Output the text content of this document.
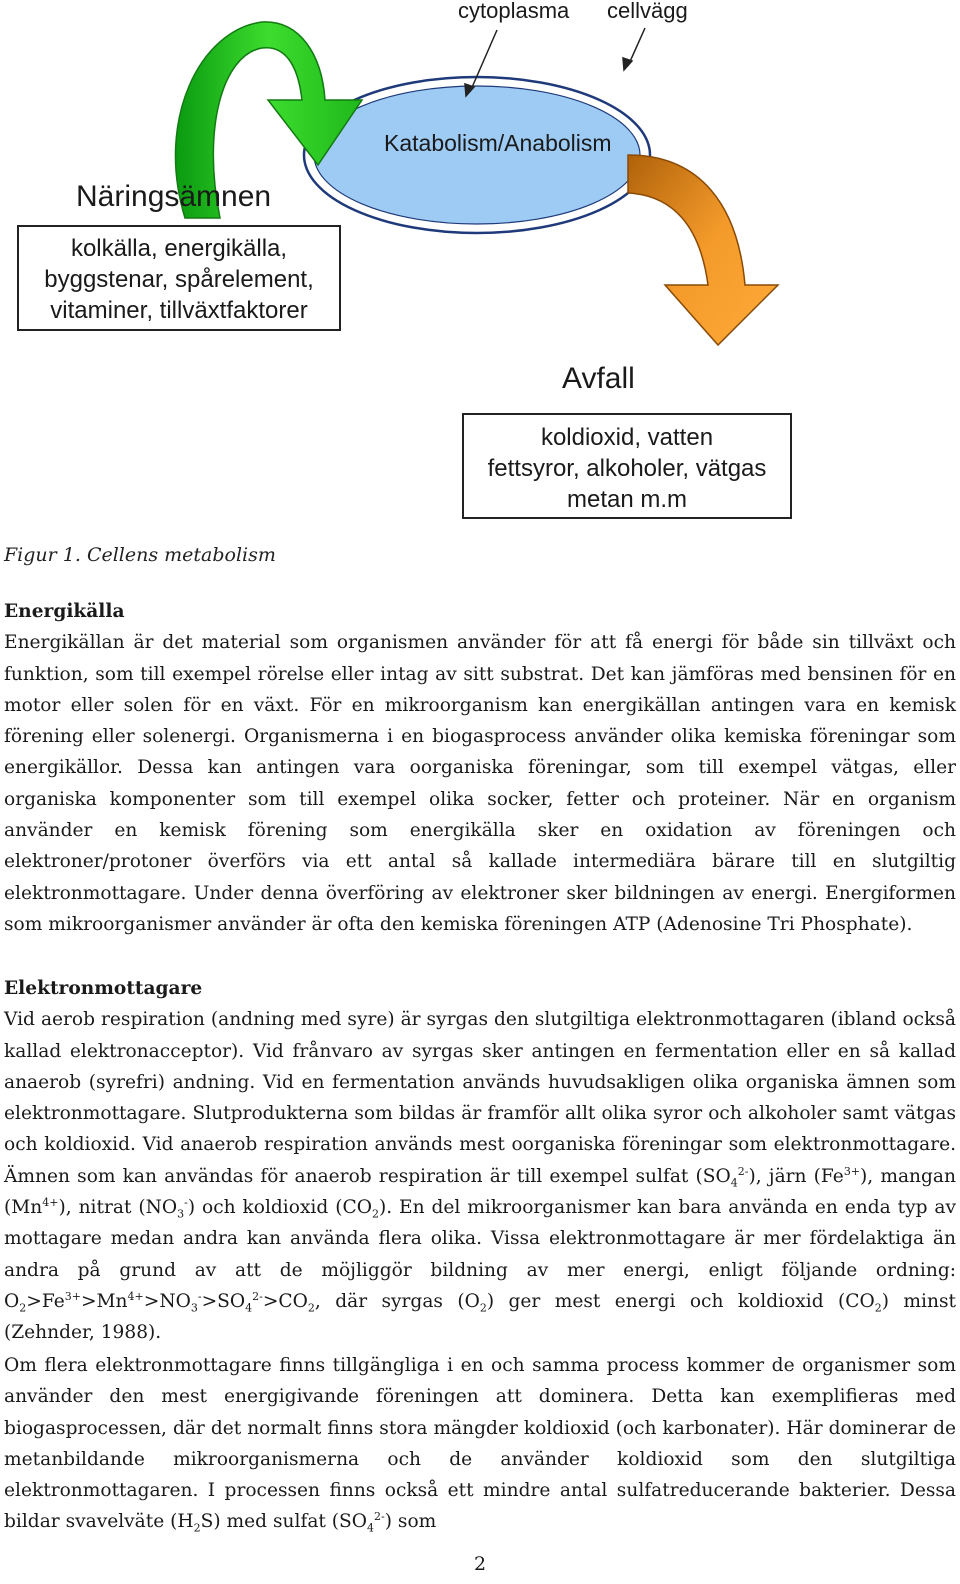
cytoplasma cellvägg
Katabolism/Anabolism
Näringsämnen
kolkälla, energikälla,
byggstenar, spårelement,
vitaminer, tillväxtfaktorer
Avfall
koldioxid, vatten
fettsyror, alkoholer, vätgas
metan m.m
Figur 1. Cellens metabolism
Energikälla
Energikällan är det material som organismen använder för att få energi för både sin tillväxt och funktion, som till exempel rörelse eller intag av sitt substrat. Det kan jämföras med bensinen för en motor eller solen för en växt. För en mikroorganism kan energikällan antingen vara en kemisk förening eller solenergi. Organismerna i en biogasprocess använder olika kemiska föreningar som energikällor. Dessa kan antingen vara oorganiska föreningar, som till exempel vätgas, eller organiska komponenter som till exempel olika socker, fetter och proteiner. När en organism använder en kemisk förening som energikälla sker en oxidation av föreningen och elektroner/protoner överförs via ett antal så kallade intermediära bärare till en slutgiltig elektronmottagare. Under denna överföring av elektroner sker bildningen av energi. Energiformen som mikroorganismer använder är ofta den kemiska föreningen ATP (Adenosine Tri Phosphate).
Elektronmottagare
Vid aerob respiration (andning med syre) är syrgas den slutgiltiga elektronmottagaren (ibland också kallad elektronacceptor). Vid frånvaro av syrgas sker antingen en fermentation eller en så kallad anaerob (syrefri) andning. Vid en fermentation används huvudsakligen olika organiska ämnen som elektronmottagare. Slutprodukterna som bildas är framför allt olika syror och alkoholer samt vätgas och koldioxid. Vid anaerob respiration används mest oorganiska föreningar som elektronmottagare. Ämnen som kan användas för anaerob respiration är till exempel sulfat $(SO_4^{2-})$, järn $(Fe^{3+})$, mangan $(Mn^{4+})$, nitrat $(NO_3^-)$ och koldioxid $(CO_2)$. En del mikroorganismer kan bara använda en enda typ av mottagare medan andra kan använda flera olika. Vissa elektronmottagare är mer fördelaktiga än andra på grund av att de möjliggör bildning av mer energi, enligt följande ordning: $O_2>Fe^{3+}>Mn^{4+}>NO_3^->SO_4^{2-}>CO_2$, där syrgas $(O_2)$ ger mest energi och koldioxid $(CO_2)$ minst (Zehnder, 1988).
Om flera elektronmottagare finns tillgängliga i en och samma process kommer de organismer som använder den mest energigivande föreningen att dominera. Detta kan exemplifieras med biogasprocessen, där det normalt finns stora mängder koldioxid (och karbonater). Här dominerar de metanbildande mikroorganismerna och de använder koldioxid som den slutgiltiga elektronmottagaren. I processen finns också ett mindre antal sulfatreducerande bakterier. Dessa bildar svavelväte $(H_2S)$ med sulfat $(SO_4^{2-})$ som
2
